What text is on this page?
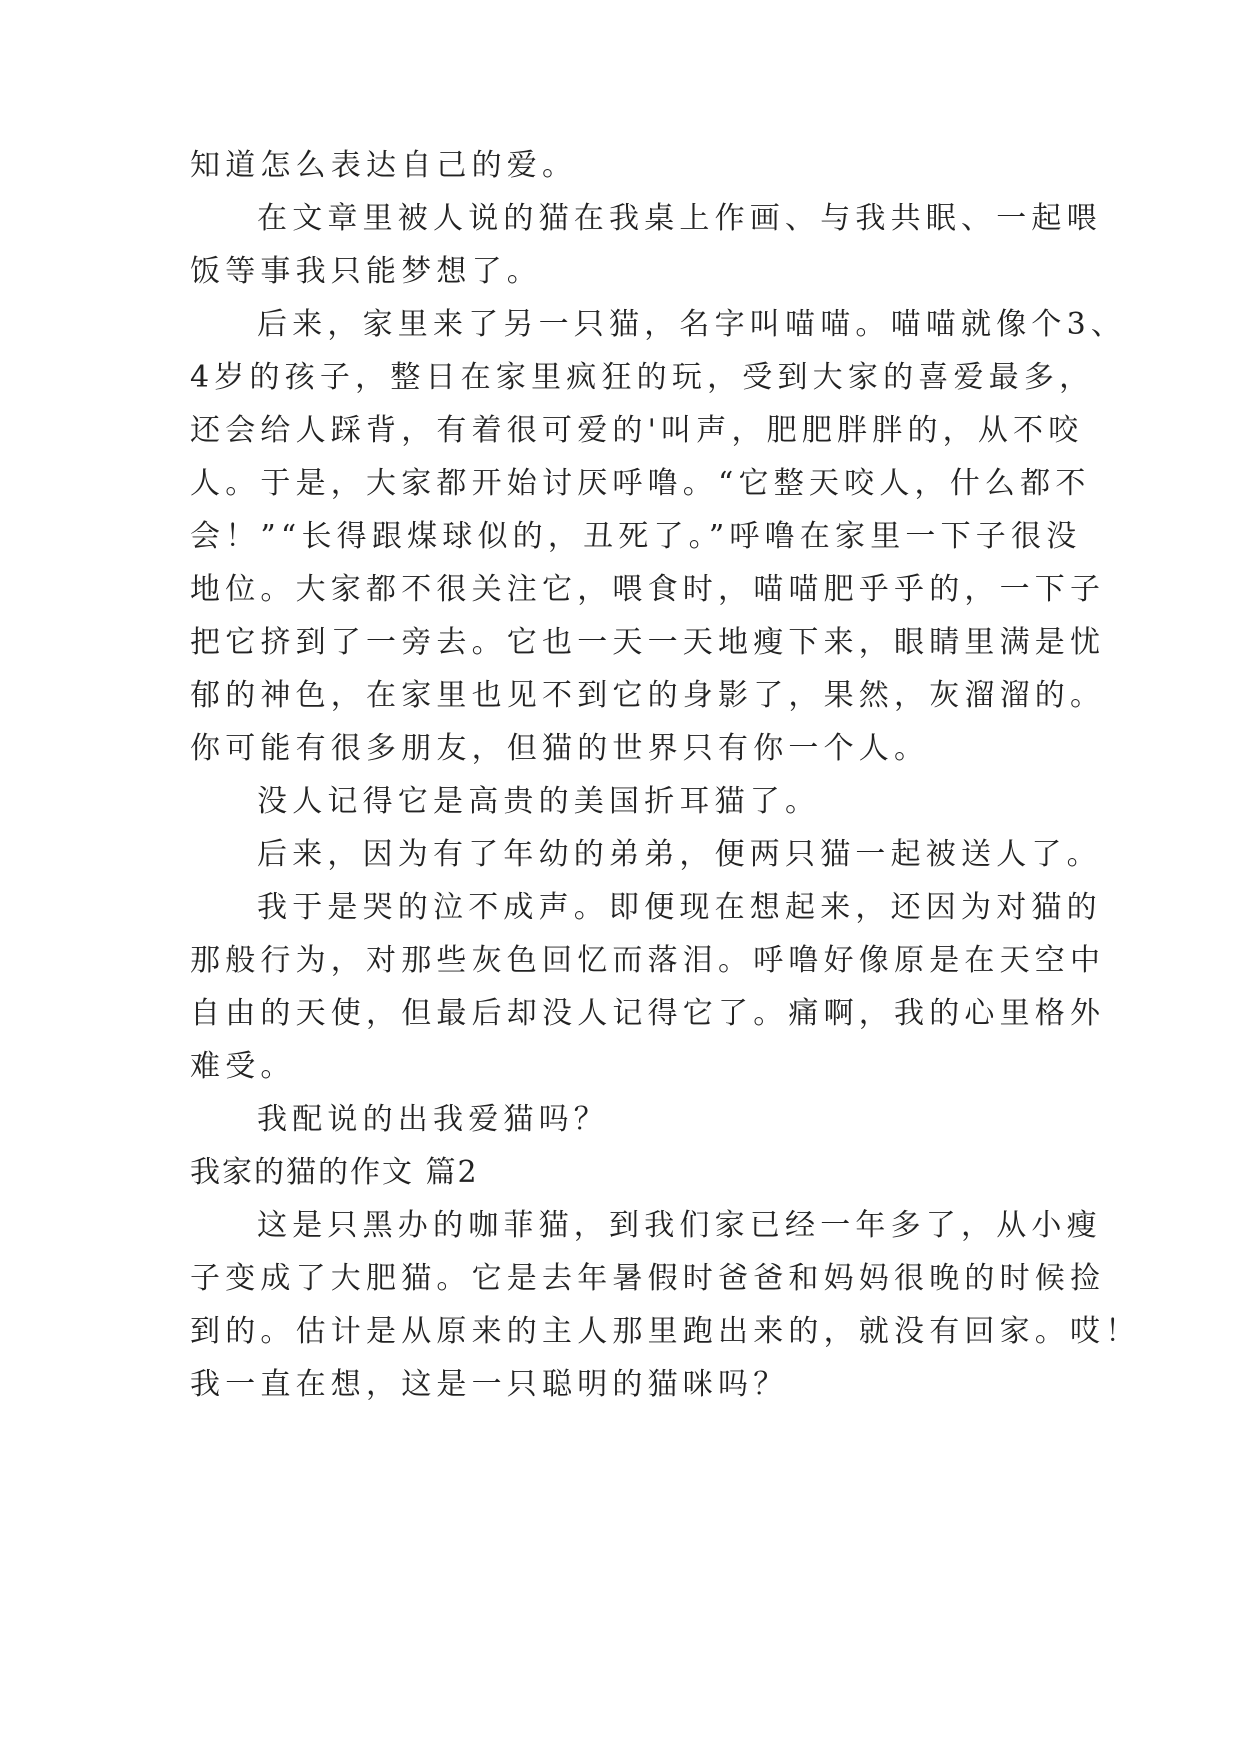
知道怎么表达自己的爱。
在文章里被人说的猫在我桌上作画、与我共眠、一起喂
饭等事我只能梦想了。
后来，家里来了另一只猫，名字叫喵喵。喵喵就像个3、
4岁的孩子，整日在家里疯狂的玩，受到大家的喜爱最多，
还会给人踩背，有着很可爱的'叫声，肥肥胖胖的，从不咬
人。于是，大家都开始讨厌呼噜。“它整天咬人，什么都不
会！”“长得跟煤球似的，丑死了。”呼噜在家里一下子很没
地位。大家都不很关注它，喂食时，喵喵肥乎乎的，一下子
把它挤到了一旁去。它也一天一天地瘦下来，眼睛里满是忧
郁的神色，在家里也见不到它的身影了，果然，灰溜溜的。
你可能有很多朋友，但猫的世界只有你一个人。
没人记得它是高贵的美国折耳猫了。
后来，因为有了年幼的弟弟，便两只猫一起被送人了。
我于是哭的泣不成声。即便现在想起来，还因为对猫的
那般行为，对那些灰色回忆而落泪。呼噜好像原是在天空中
自由的天使，但最后却没人记得它了。痛啊，我的心里格外
难受。
我配说的出我爱猫吗？
我家的猫的作文 篇2
这是只黑办的咖菲猫，到我们家已经一年多了，从小瘦
子变成了大肥猫。它是去年暑假时爸爸和妈妈很晚的时候捡
到的。估计是从原来的主人那里跑出来的，就没有回家。哎！
我一直在想，这是一只聪明的猫咪吗？
